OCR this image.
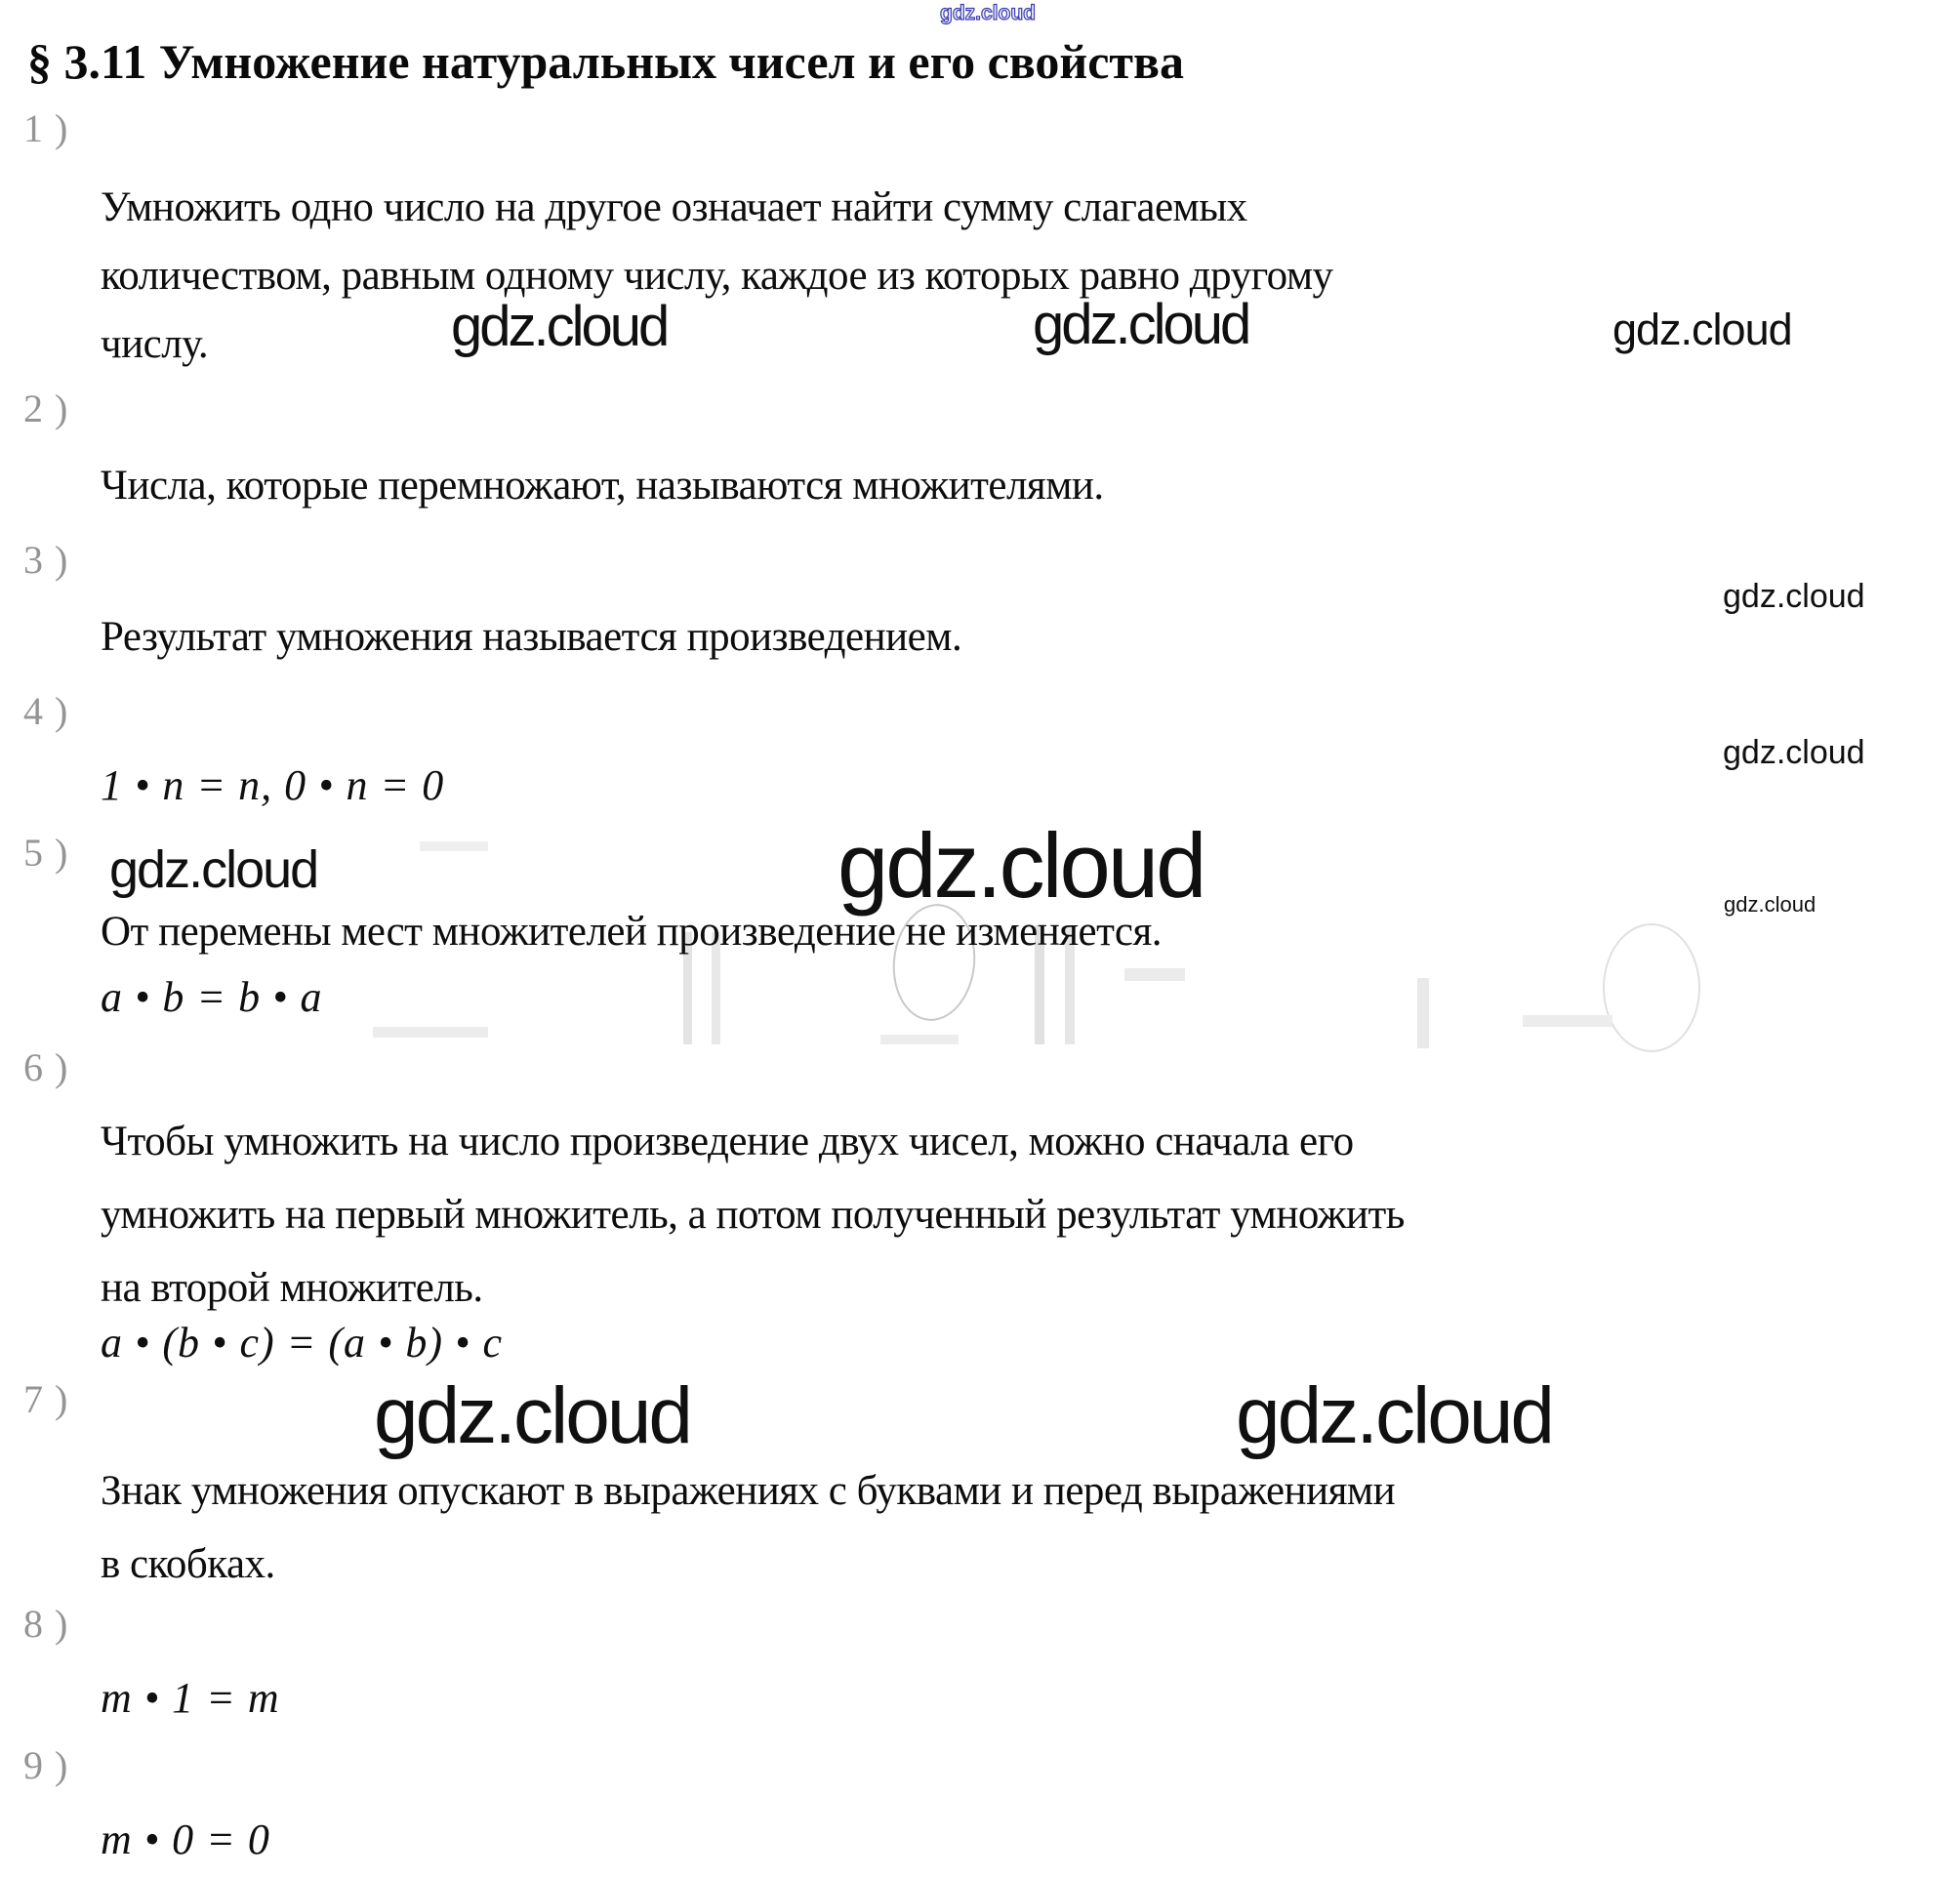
gdz.cloud
§ 3.11 Умножение натуральных чисел и его свойства
1)
Умножить одно число на другое означает найти сумму слагаемых
количеством, равным одному числу, каждое из которых равно другому
числу.	gdz.cloud	gdz.cloud	gdz.cloud
2)
Числа, которые перемножают, называются множителями.
3)
gdz.cloud
Результат умножения называется произведением.
4)
gdz.cloud
1 • n = n, 0 • n = 0
5) gdz.cloud	gdz.cloud	gdz.cloud
От перемены мест множителей произведение не изменяется.
a • b = b • a
6)
Чтобы умножить на число произведение двух чисел, можно сначала его
умножить на первый множитель, а потом полученный результат умножить
на второй множитель.
a • (b • c) = (a • b) • c
7)	gdz.cloud	gdz.cloud
Знак умножения опускают в выражениях с буквами и перед выражениями
в скобках.
8)
m • 1 = m
9)
m • 0 = 0
